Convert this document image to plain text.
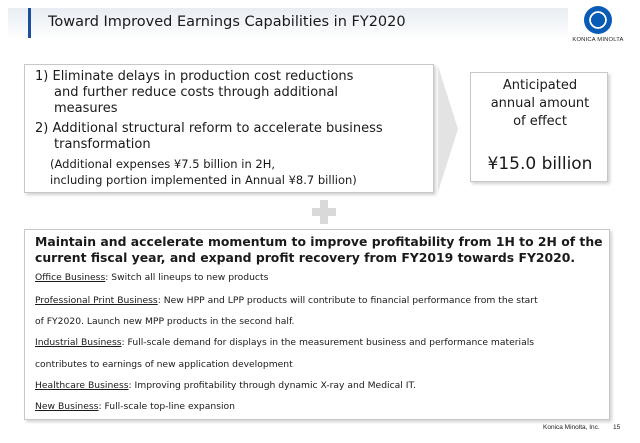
Toward Improved Earnings Capabilities in FY2020
KONICA MINOLTA
1) Eliminate delays in production cost reductions
and further reduce costs through additional
measures
2) Additional structural reform to accelerate business
transformation
(Additional expenses ¥7.5 billion in 2H,
including portion implemented in Annual ¥8.7 billion)
Anticipated
annual amount
of effect
¥15.0 billion
Maintain and accelerate momentum to improve profitability from 1H to 2H of the
current fiscal year, and expand profit recovery from FY2019 towards FY2020.
Office Business: Switch all lineups to new products
Professional Print Business: New HPP and LPP products will contribute to financial performance from the start
of FY2020. Launch new MPP products in the second half.
Industrial Business: Full-scale demand for displays in the measurement business and performance materials
contributes to earnings of new application development
Healthcare Business: Improving profitability through dynamic X-ray and Medical IT.
New Business: Full-scale top-line expansion
Konica Minolta, Inc. 15
